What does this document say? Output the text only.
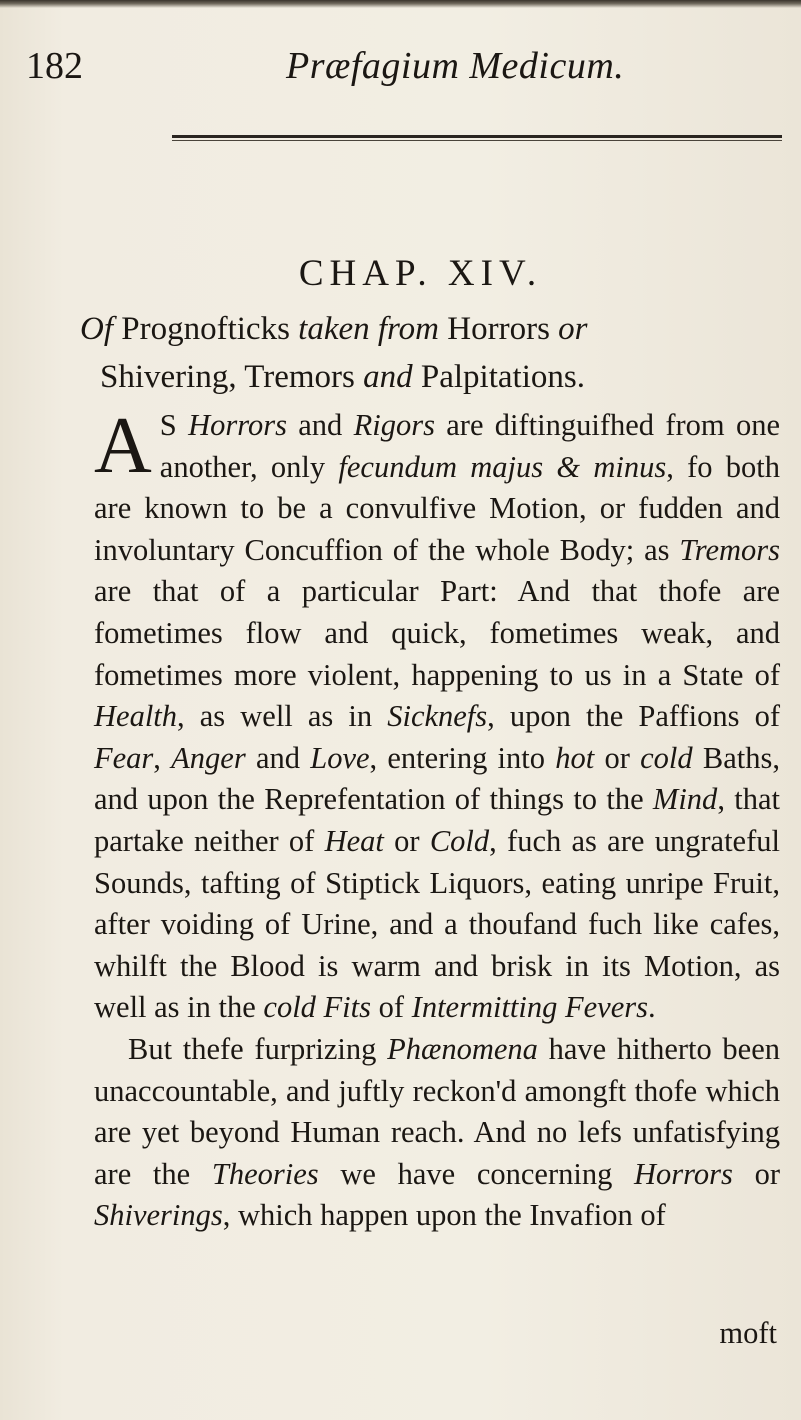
182	Præfagium Medicum.
CHAP. XIV.
Of Prognofticks taken from Horrors or
Shivering, Tremors and Palpitations.

A S Horrors and Rigors are diftinguifhed from one another, only fecundum majus & minus, fo both are known to be a convulfive Motion, or fudden and involuntary Concuffion of the whole Body; as Tremors are that of a particular Part: And that thofe are fometimes flow and quick, fometimes weak, and fometimes more violent, happening to us in a State of Health, as well as in Sicknefs, upon the Paffions of Fear, Anger and Love, entering into hot or cold Baths, and upon the Reprefentation of things to the Mind, that partake neither of Heat or Cold, fuch as are ungrateful Sounds, tafting of Stiptick Liquors, eating unripe Fruit, after voiding of Urine, and a thoufand fuch like cafes, whilft the Blood is warm and brisk in its Motion, as well as in the cold Fits of Intermitting Fevers.

But thefe furprizing Phænomena have hitherto been unaccountable, and juftly reckon'd amongft thofe which are yet beyond Human reach. And no lefs unfatisfying are the Theories we have concerning Horrors or Shiverings, which happen upon the Invafion of

moft
